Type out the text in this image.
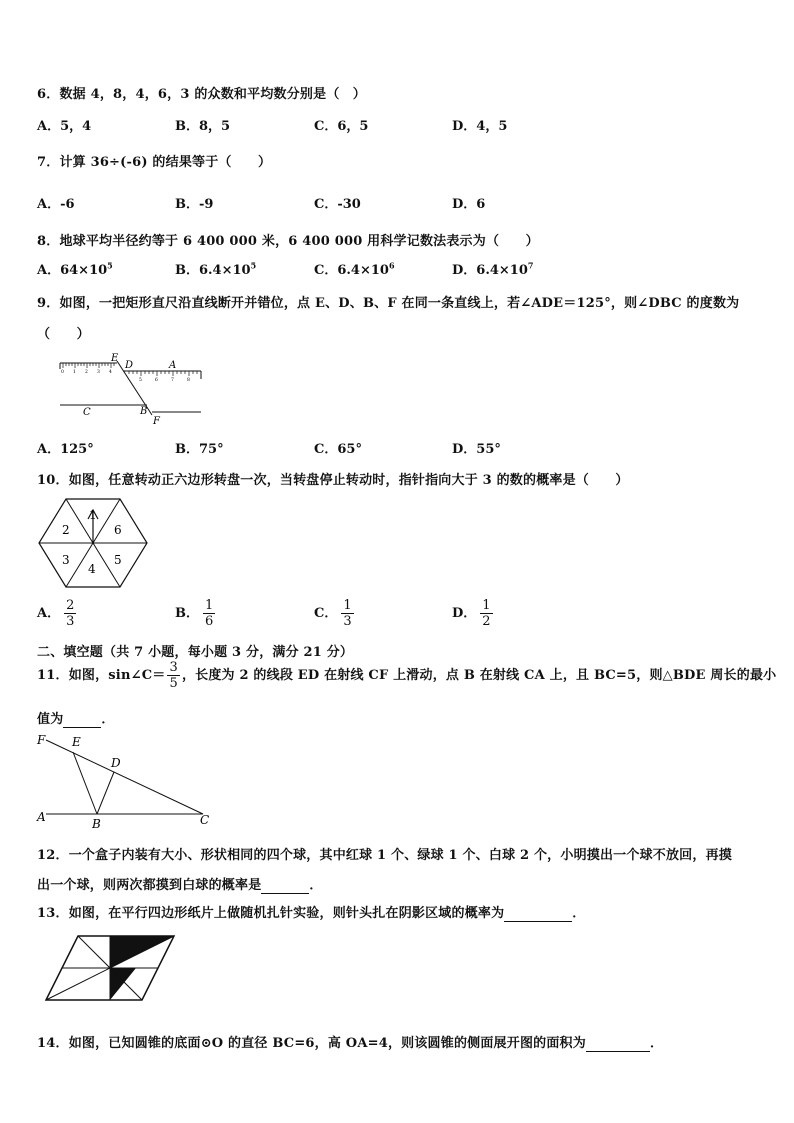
6．数据 4，8，4，6，3 的众数和平均数分别是（　）
A．5，4	B．8，5	C．6，5	D．4，5
7．计算 36÷(-6) 的结果等于（　　）
A．-6	B．-9	C．-30	D．6
8．地球平均半径约等于 6 400 000 米，6 400 000 用科学记数法表示为（　　）
A．$64\times 10^5$	B．$6.4\times 10^5$	C．$6.4\times 10^6$	D．$6.4\times 10^7$
9．如图，一把矩形直尺沿直线断开并错位，点 E、D、B、F 在同一条直线上，若∠ADE＝125°，则∠DBC 的度数为
（　　）
0 1 2 3 4
5	6	7	8
E
D	A
C	B
F
A．125°	B．75°	C．65°	D．55°
10．如图，任意转动正六边形转盘一次，当转盘停止转动时，指针指向大于 3 的数的概率是（　　）
1
6
5
4
3
2
A． $\frac{2}{3}$	B． $\frac{1}{6}$	C． $\frac{1}{3}$	D． $\frac{1}{2}$
二、填空题（共 7 小题，每小题 3 分，满分 21 分）
11．如图，sin∠C＝ $\frac{3}{5}$ ，长度为 2 的线段 ED 在射线 CF 上滑动，点 B 在射线 CA 上，且 BC=5，则△BDE 周长的最小
值为	．
F E
D
A	B	C
12．一个盒子内装有大小、形状相同的四个球，其中红球 1 个、绿球 1 个、白球 2 个，小明摸出一个球不放回，再摸
出一个球，则两次都摸到白球的概率是	．
13．如图，在平行四边形纸片上做随机扎针实验，则针头扎在阴影区域的概率为	．
14．如图，已知圆锥的底面⊙O 的直径 BC=6，高 OA=4，则该圆锥的侧面展开图的面积为	．
